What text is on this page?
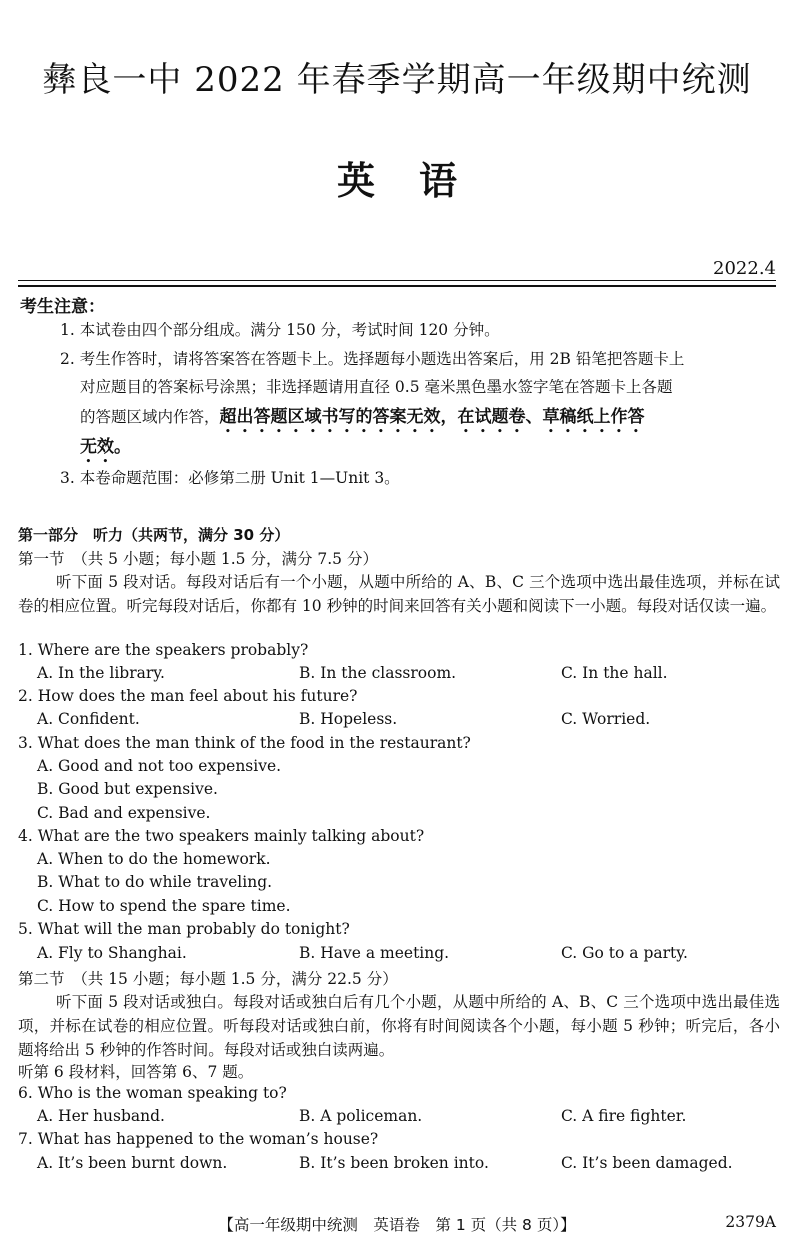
彝良一中 2022 年春季学期高一年级期中统测
英 语
2022.4
考生注意：
1. 本试卷由四个部分组成。满分 150 分，考试时间 120 分钟。
2. 考生作答时，请将答案答在答题卡上。选择题每小题选出答案后，用 2B 铅笔把答题卡上
对应题目的答案标号涂黑；非选择题请用直径 0.5 毫米黑色墨水签字笔在答题卡上各题
的答题区域内作答，超出答题区域书写的答案无效，在试题卷、草稿纸上作答
无效。
3. 本卷命题范围：必修第二册 Unit 1—Unit 3。
第一部分　听力（共两节，满分 30 分）
第一节　（共 5 小题；每小题 1.5 分，满分 7.5 分）
听下面 5 段对话。每段对话后有一个小题，从题中所给的 A、B、C 三个选项中选出最佳选项，并标在试卷的相应位置。听完每段对话后，你都有 10 秒钟的时间来回答有关小题和阅读下一小题。每段对话仅读一遍。
1. Where are the speakers probably?
A. In the library.	B. In the classroom.	C. In the hall.
2. How does the man feel about his future?
A. Confident.	B. Hopeless.	C. Worried.
3. What does the man think of the food in the restaurant?
A. Good and not too expensive.
B. Good but expensive.
C. Bad and expensive.
4. What are the two speakers mainly talking about?
A. When to do the homework.
B. What to do while traveling.
C. How to spend the spare time.
5. What will the man probably do tonight?
A. Fly to Shanghai.	B. Have a meeting.	C. Go to a party.
第二节　（共 15 小题；每小题 1.5 分，满分 22.5 分）
听下面 5 段对话或独白。每段对话或独白后有几个小题，从题中所给的 A、B、C 三个选项中选出最佳选项，并标在试卷的相应位置。听每段对话或独白前，你将有时间阅读各个小题，每小题 5 秒钟；听完后，各小题将给出 5 秒钟的作答时间。每段对话或独白读两遍。
听第 6 段材料，回答第 6、7 题。
6. Who is the woman speaking to?
A. Her husband.	B. A policeman.	C. A fire fighter.
7. What has happened to the woman’s house?
A. It’s been burnt down.	B. It’s been broken into.	C. It’s been damaged.
【高一年级期中统测　英语卷　第 1 页（共 8 页）】	2379A
